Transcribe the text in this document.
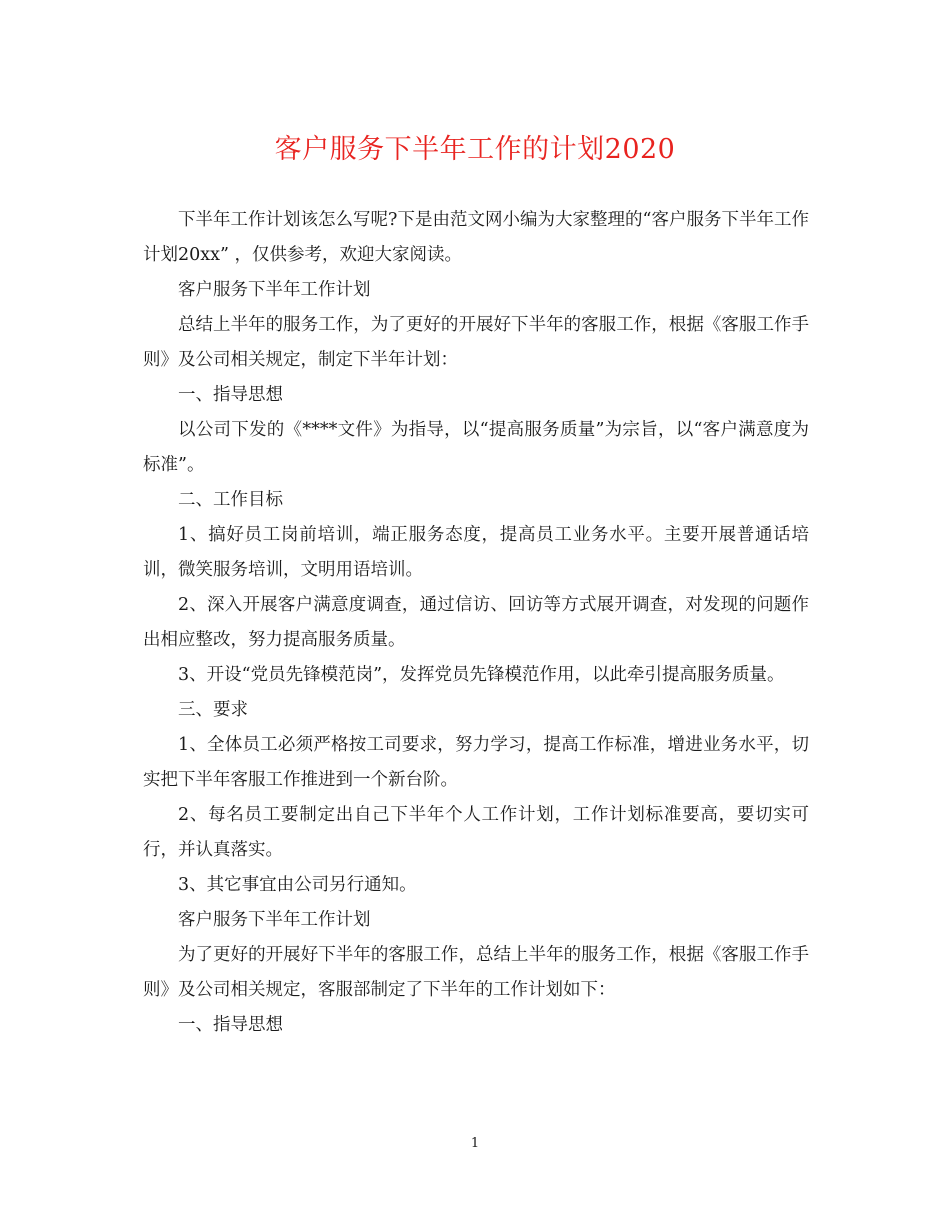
客户服务下半年工作的计划2020

下半年工作计划该怎么写呢?下是由范文网小编为大家整理的“客户服务下半年工作计划20xx” ，仅供参考，欢迎大家阅读。

客户服务下半年工作计划

总结上半年的服务工作，为了更好的开展好下半年的客服工作，根据《客服工作手则》及公司相关规定，制定下半年计划：

一、指导思想

以公司下发的《****文件》为指导，以“提高服务质量”为宗旨，以“客户满意度为标准”。

二、工作目标

1、搞好员工岗前培训，端正服务态度，提高员工业务水平。主要开展普通话培训，微笑服务培训，文明用语培训。

2、深入开展客户满意度调查，通过信访、回访等方式展开调查，对发现的问题作出相应整改，努力提高服务质量。

3、开设“党员先锋模范岗”，发挥党员先锋模范作用，以此牵引提高服务质量。

三、要求

1、全体员工必须严格按工司要求，努力学习，提高工作标准，增进业务水平，切实把下半年客服工作推进到一个新台阶。

2、每名员工要制定出自己下半年个人工作计划，工作计划标准要高，要切实可行，并认真落实。

3、其它事宜由公司另行通知。

客户服务下半年工作计划

为了更好的开展好下半年的客服工作，总结上半年的服务工作，根据《客服工作手则》及公司相关规定，客服部制定了下半年的工作计划如下：

一、指导思想

1
